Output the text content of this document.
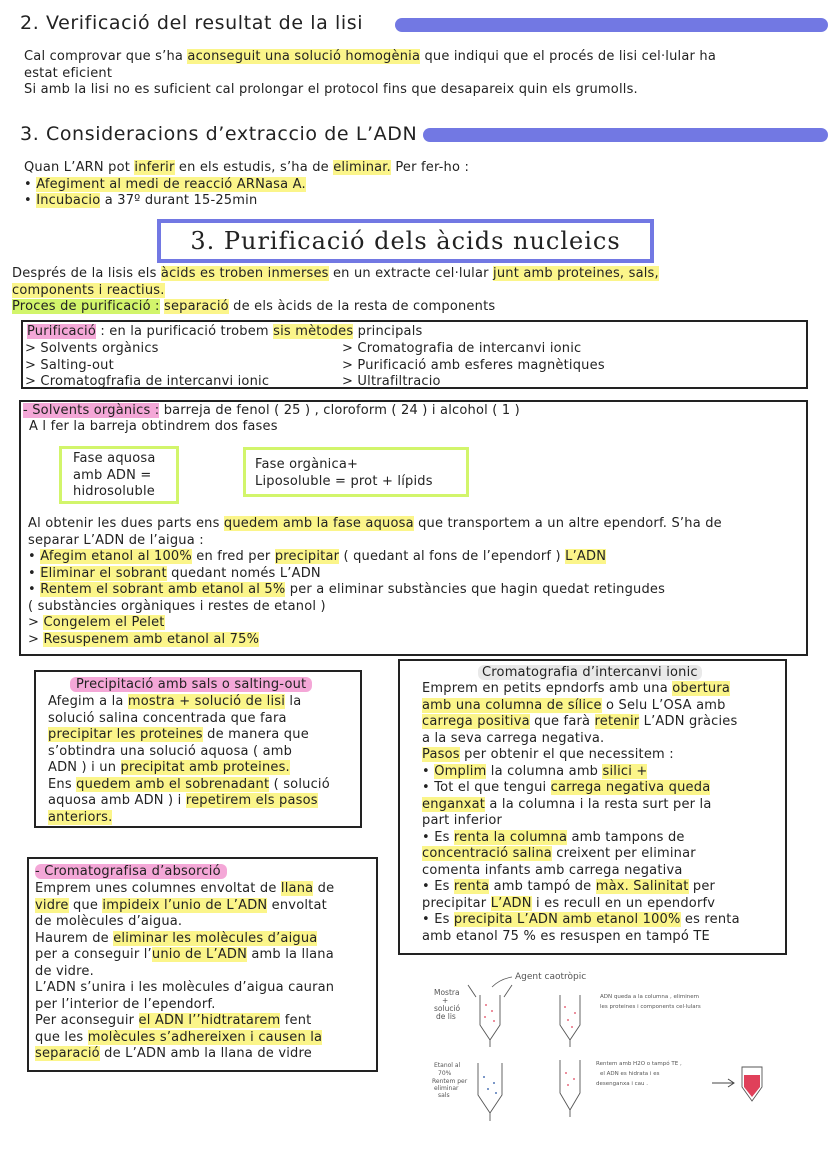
2. Verificació del resultat de la lisi
Cal comprovar que s’ha aconseguit una solució homogènia que indiqui que el procés de lisi cel·lular ha
estat eficient
Si amb la lisi no es suficient cal prolongar el protocol fins que desapareix quin els grumolls.
3. Consideracions d’extraccio de L’ADN
Quan L’ARN pot inferir en els estudis, s’ha de eliminar. Per fer-ho :
• Afegiment al medi de reacció ARNasa A.
• Incubacio a 37º durant 15-25min
3. Purificació dels àcids nucleics
Després de la lisis els àcids es troben inmerses en un extracte cel·lular junt amb proteines, sals,
components i reactius.
Proces de purificació : separació de els àcids de la resta de components
Purificació : en la purificació trobem sis mètodes principals
> Solvents orgànics
> Salting-out
> Cromatogfrafia de intercanvi ionic
> Cromatografia de intercanvi ionic
> Purificació amb esferes magnètiques
> Ultrafiltracio
- Solvents orgànics : barreja de fenol ( 25 ) , cloroform ( 24 ) i alcohol ( 1 )
A l fer la barreja obtindrem dos fases
Fase aquosa
amb ADN =
hidrosoluble
Fase orgànica+
Liposoluble = prot + lípids
Al obtenir les dues parts ens quedem amb la fase aquosa que transportem a un altre ependorf. S’ha de
separar L’ADN de l’aigua :
• Afegim etanol al 100% en fred per precipitar ( quedant al fons de l’ependorf ) L’ADN
• Eliminar el sobrant quedant només L’ADN
• Rentem el sobrant amb etanol al 5% per a eliminar substàncies que hagin quedat retingudes
( substàncies orgàniques i restes de etanol )
> Congelem el Pelet
> Resuspenem amb etanol al 75%
Precipitació amb sals o salting-out
Afegim a la mostra + solució de lisi la
solució salina concentrada que fara
precipitar les proteines de manera que
s’obtindra una solució aquosa ( amb
ADN ) i un precipitat amb proteines.
Ens quedem amb el sobrenadant ( solució
aquosa amb ADN ) i repetirem els pasos
anteriors.
- Cromatografisa d’absorció
Emprem unes columnes envoltat de llana de
vidre que impideix l’unio de L’ADN envoltat
de molècules d’aigua.
Haurem de eliminar les molècules d’aigua
per a conseguir l’unio de L’ADN amb la llana
de vidre.
L’ADN s’unira i les molècules d’aigua cauran
per l’interior de l’ependorf.
Per aconseguir el ADN l’’hidtratarem fent
que les molècules s’adhereixen i causen la
separació de L’ADN amb la llana de vidre
Cromatografia d’intercanvi ionic
Emprem en petits epndorfs amb una obertura
amb una columna de sílice o Selu L’OSA amb
carrega positiva que farà retenir L’ADN gràcies
a la seva carrega negativa.
Pasos per obtenir el que necessitem :
• Omplim la columna amb silici +
• Tot el que tengui carrega negativa queda
enganxat a la columna i la resta surt per la
part inferior
• Es renta la columna amb tampons de
concentració salina creixent per eliminar
comenta infants amb carrega negativa
• Es renta amb tampó de màx. Salinitat per
precipitar L’ADN i es recull en un ependorfv
• Es precipita L’ADN amb etanol 100% es renta
amb etanol 75 % es resuspen en tampó TE
Agent caotròpic
Mostra
+
solució
de lis
ADN queda a la columna , eliminem
les proteines i components cel·lulars
Etanol al
70%
Rentem per
eliminar
sals
Rentem amb H2O o tampó TE ,
el ADN es hidrata i es
desenganxa i cau .
